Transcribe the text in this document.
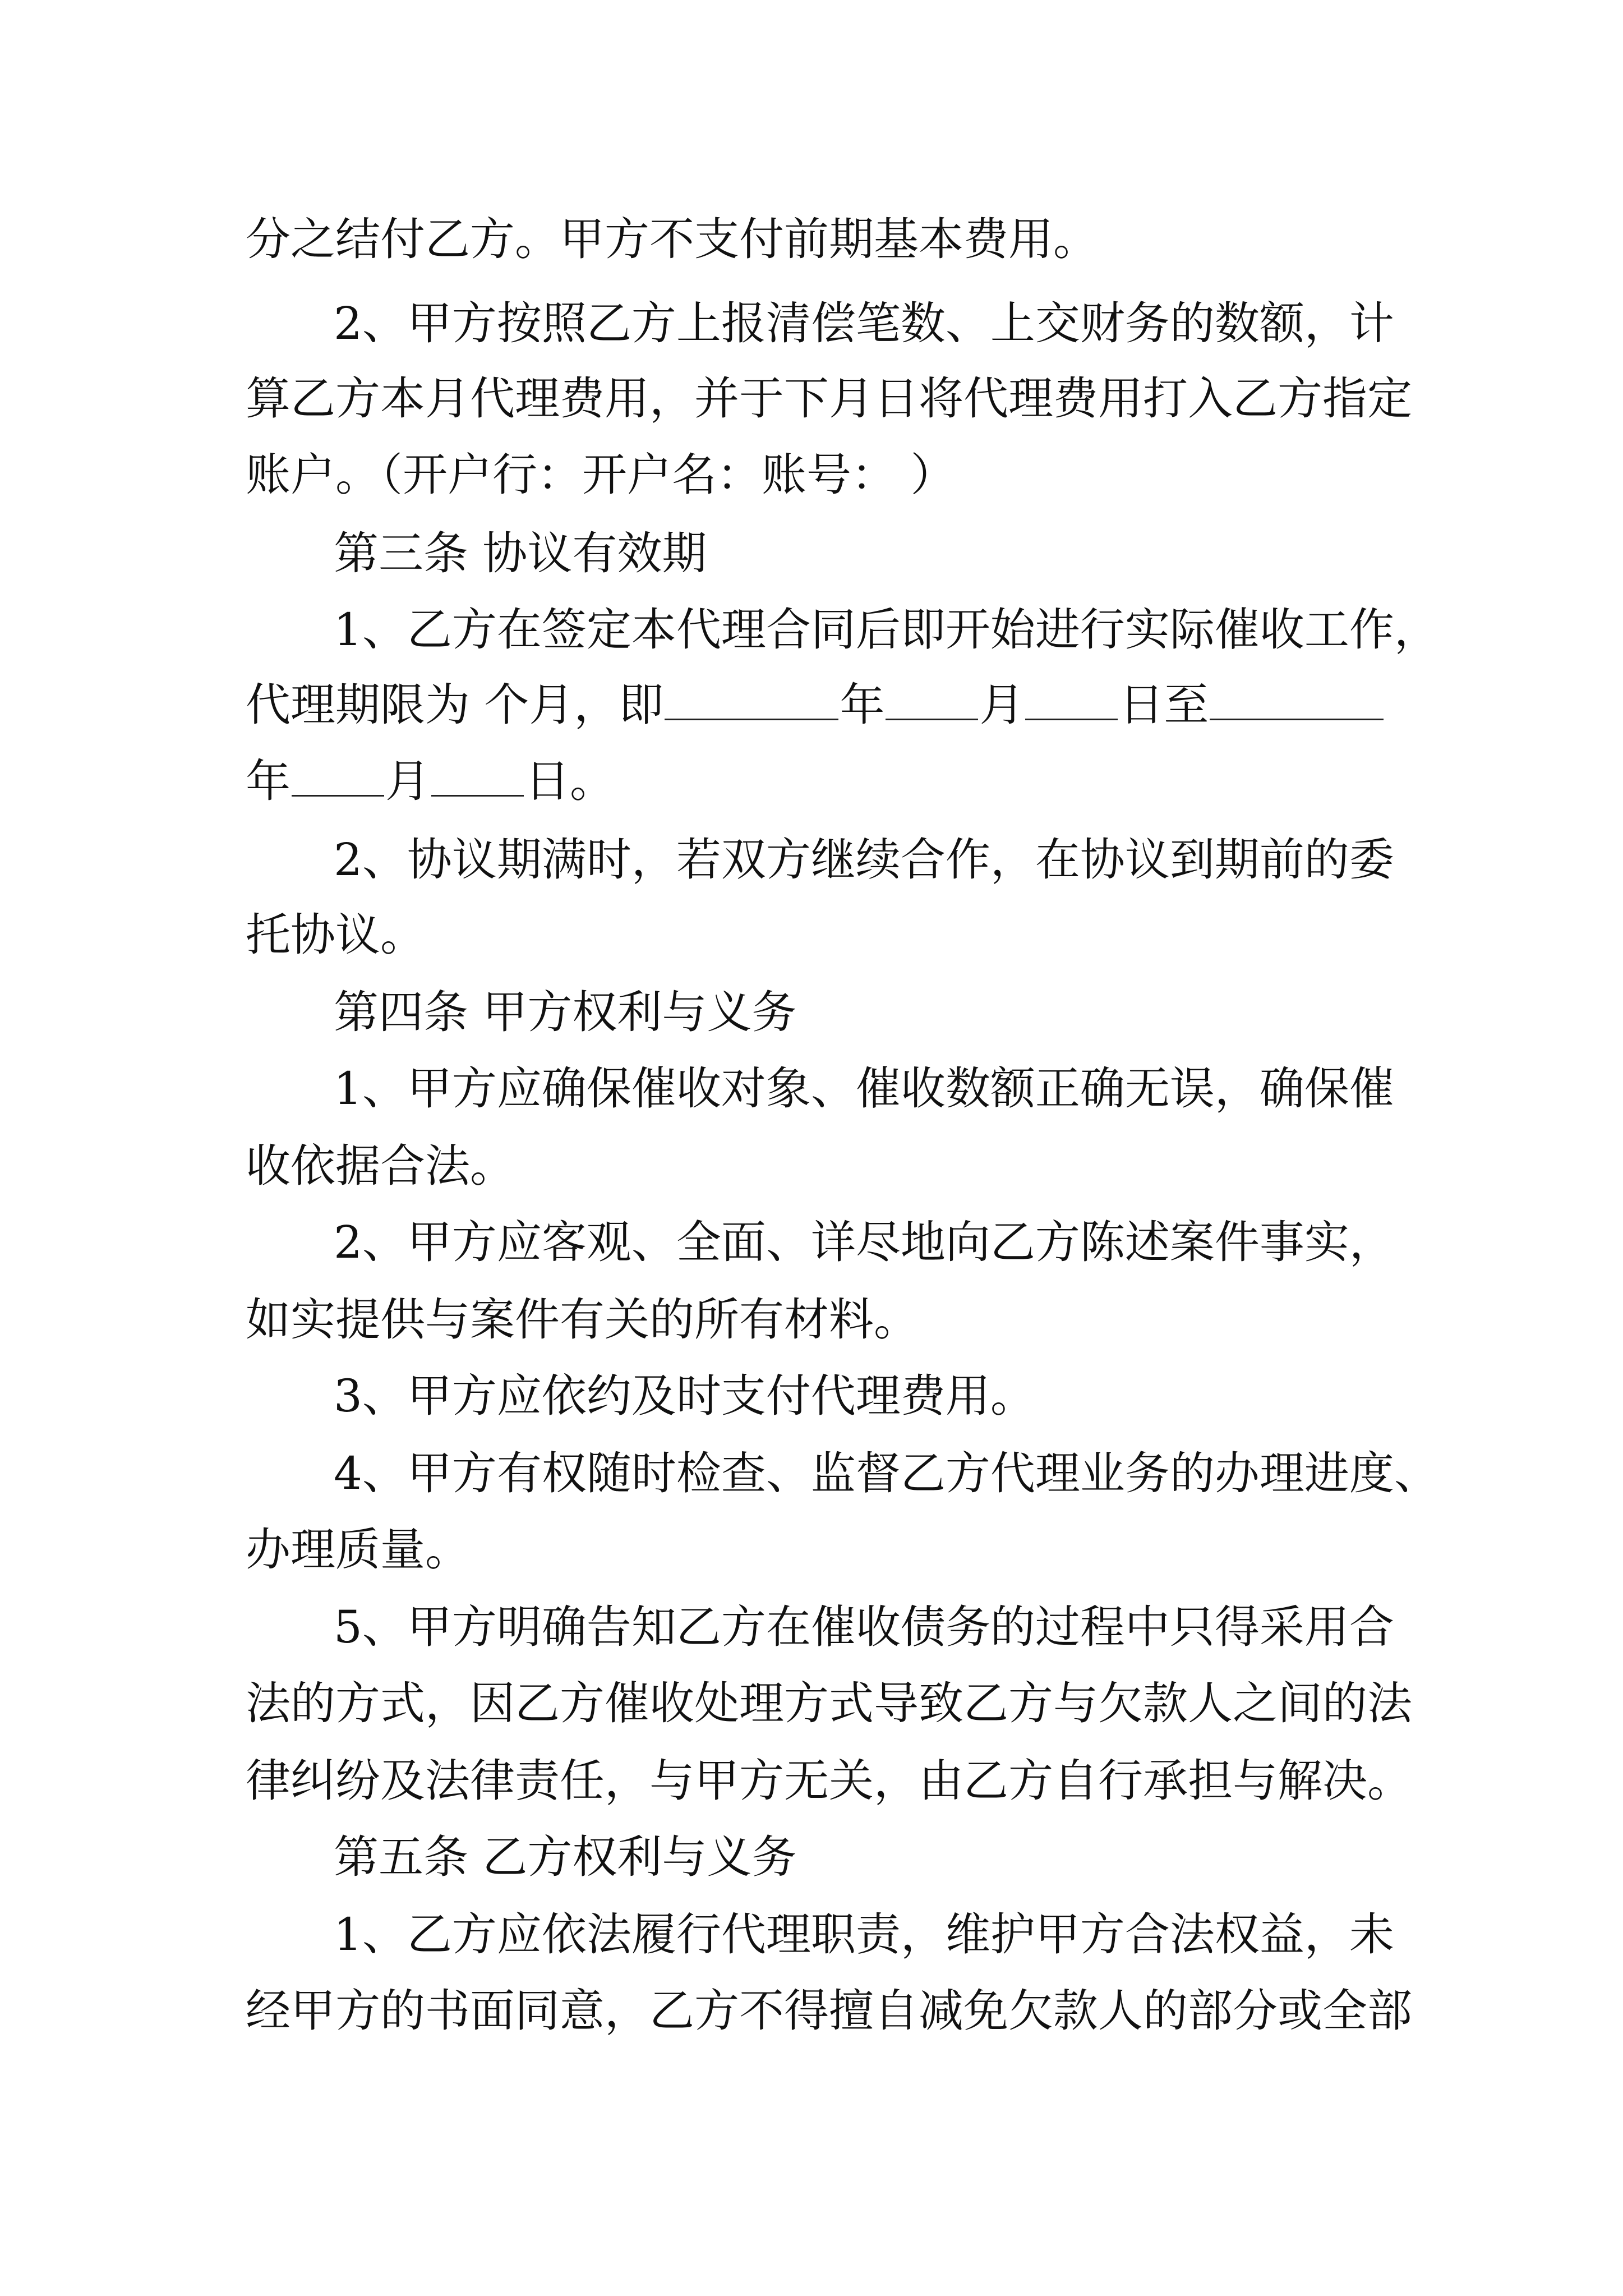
分之结付乙方。甲方不支付前期基本费用。
2、甲方按照乙方上报清偿笔数、上交财务的数额，计
算乙方本月代理费用，并于下月日将代理费用打入乙方指定
账户。（开户行：开户名：账号： ）
第三条 协议有效期
1、乙方在签定本代理合同后即开始进行实际催收工作，
代理期限为 个月，即	年 月 日至
年 月 日。
2、协议期满时，若双方继续合作，在协议到期前的委
托协议。
第四条 甲方权利与义务
1、甲方应确保催收对象、催收数额正确无误，确保催
收依据合法。
2、甲方应客观、全面、详尽地向乙方陈述案件事实，
如实提供与案件有关的所有材料。
3、甲方应依约及时支付代理费用。
4、甲方有权随时检查、监督乙方代理业务的办理进度、
办理质量。
5、甲方明确告知乙方在催收债务的过程中只得采用合
法的方式，因乙方催收处理方式导致乙方与欠款人之间的法
律纠纷及法律责任，与甲方无关，由乙方自行承担与解决。
第五条 乙方权利与义务
1、乙方应依法履行代理职责，维护甲方合法权益，未
经甲方的书面同意，乙方不得擅自减免欠款人的部分或全部
